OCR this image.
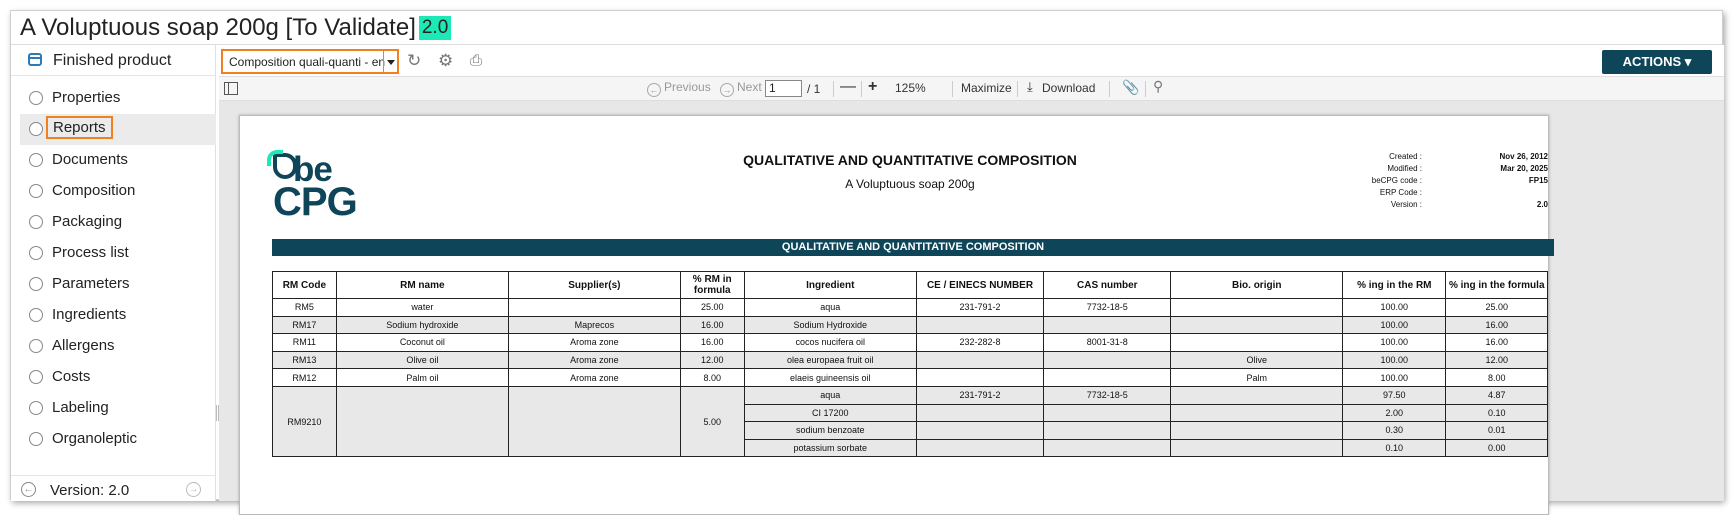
A Voluptuous soap 200g [To Validate] 2.0
Finished product
Properties
Reports
Documents
Composition
Packaging
Process list
Parameters
Ingredients
Allergens
Costs
Labeling
Organoleptic
← Version: 2.0	→
Composition quali-quanti - en ↻ ⚙ ⎙	ACTIONS ▾
← Previous → Next 1	/ 1 — + 125%	Maximize ⤓ Download 📎 ⚲
be
CPG
QUALITATIVE AND QUANTITATIVE COMPOSITION
A Voluptuous soap 200g
Created :	Nov 26, 2012
Modified :	Mar 20, 2025
beCPG code :	FP15
ERP Code :
Version :	2.0
QUALITATIVE AND QUANTITATIVE COMPOSITION
RM Code	RM name	Supplier(s)	% RM in formula	Ingredient	CE / EINECS NUMBER	CAS number	Bio. origin	% ing in the RM	% ing in the formula
RM5	water		25.00	aqua	231-791-2	7732-18-5		100.00	25.00
RM17	Sodium hydroxide	Maprecos	16.00	Sodium Hydroxide				100.00	16.00
RM11	Coconut oil	Aroma zone	16.00	cocos nucifera oil	232-282-8	8001-31-8		100.00	16.00
RM13	Olive oil	Aroma zone	12.00	olea europaea fruit oil			Olive	100.00	12.00
RM12	Palm oil	Aroma zone	8.00	elaeis guineensis oil			Palm	100.00	8.00
RM9210			5.00	aqua	231-791-2	7732-18-5		97.50	4.87
				CI 17200				2.00	0.10
				sodium benzoate				0.30	0.01
				potassium sorbate				0.10	0.00
